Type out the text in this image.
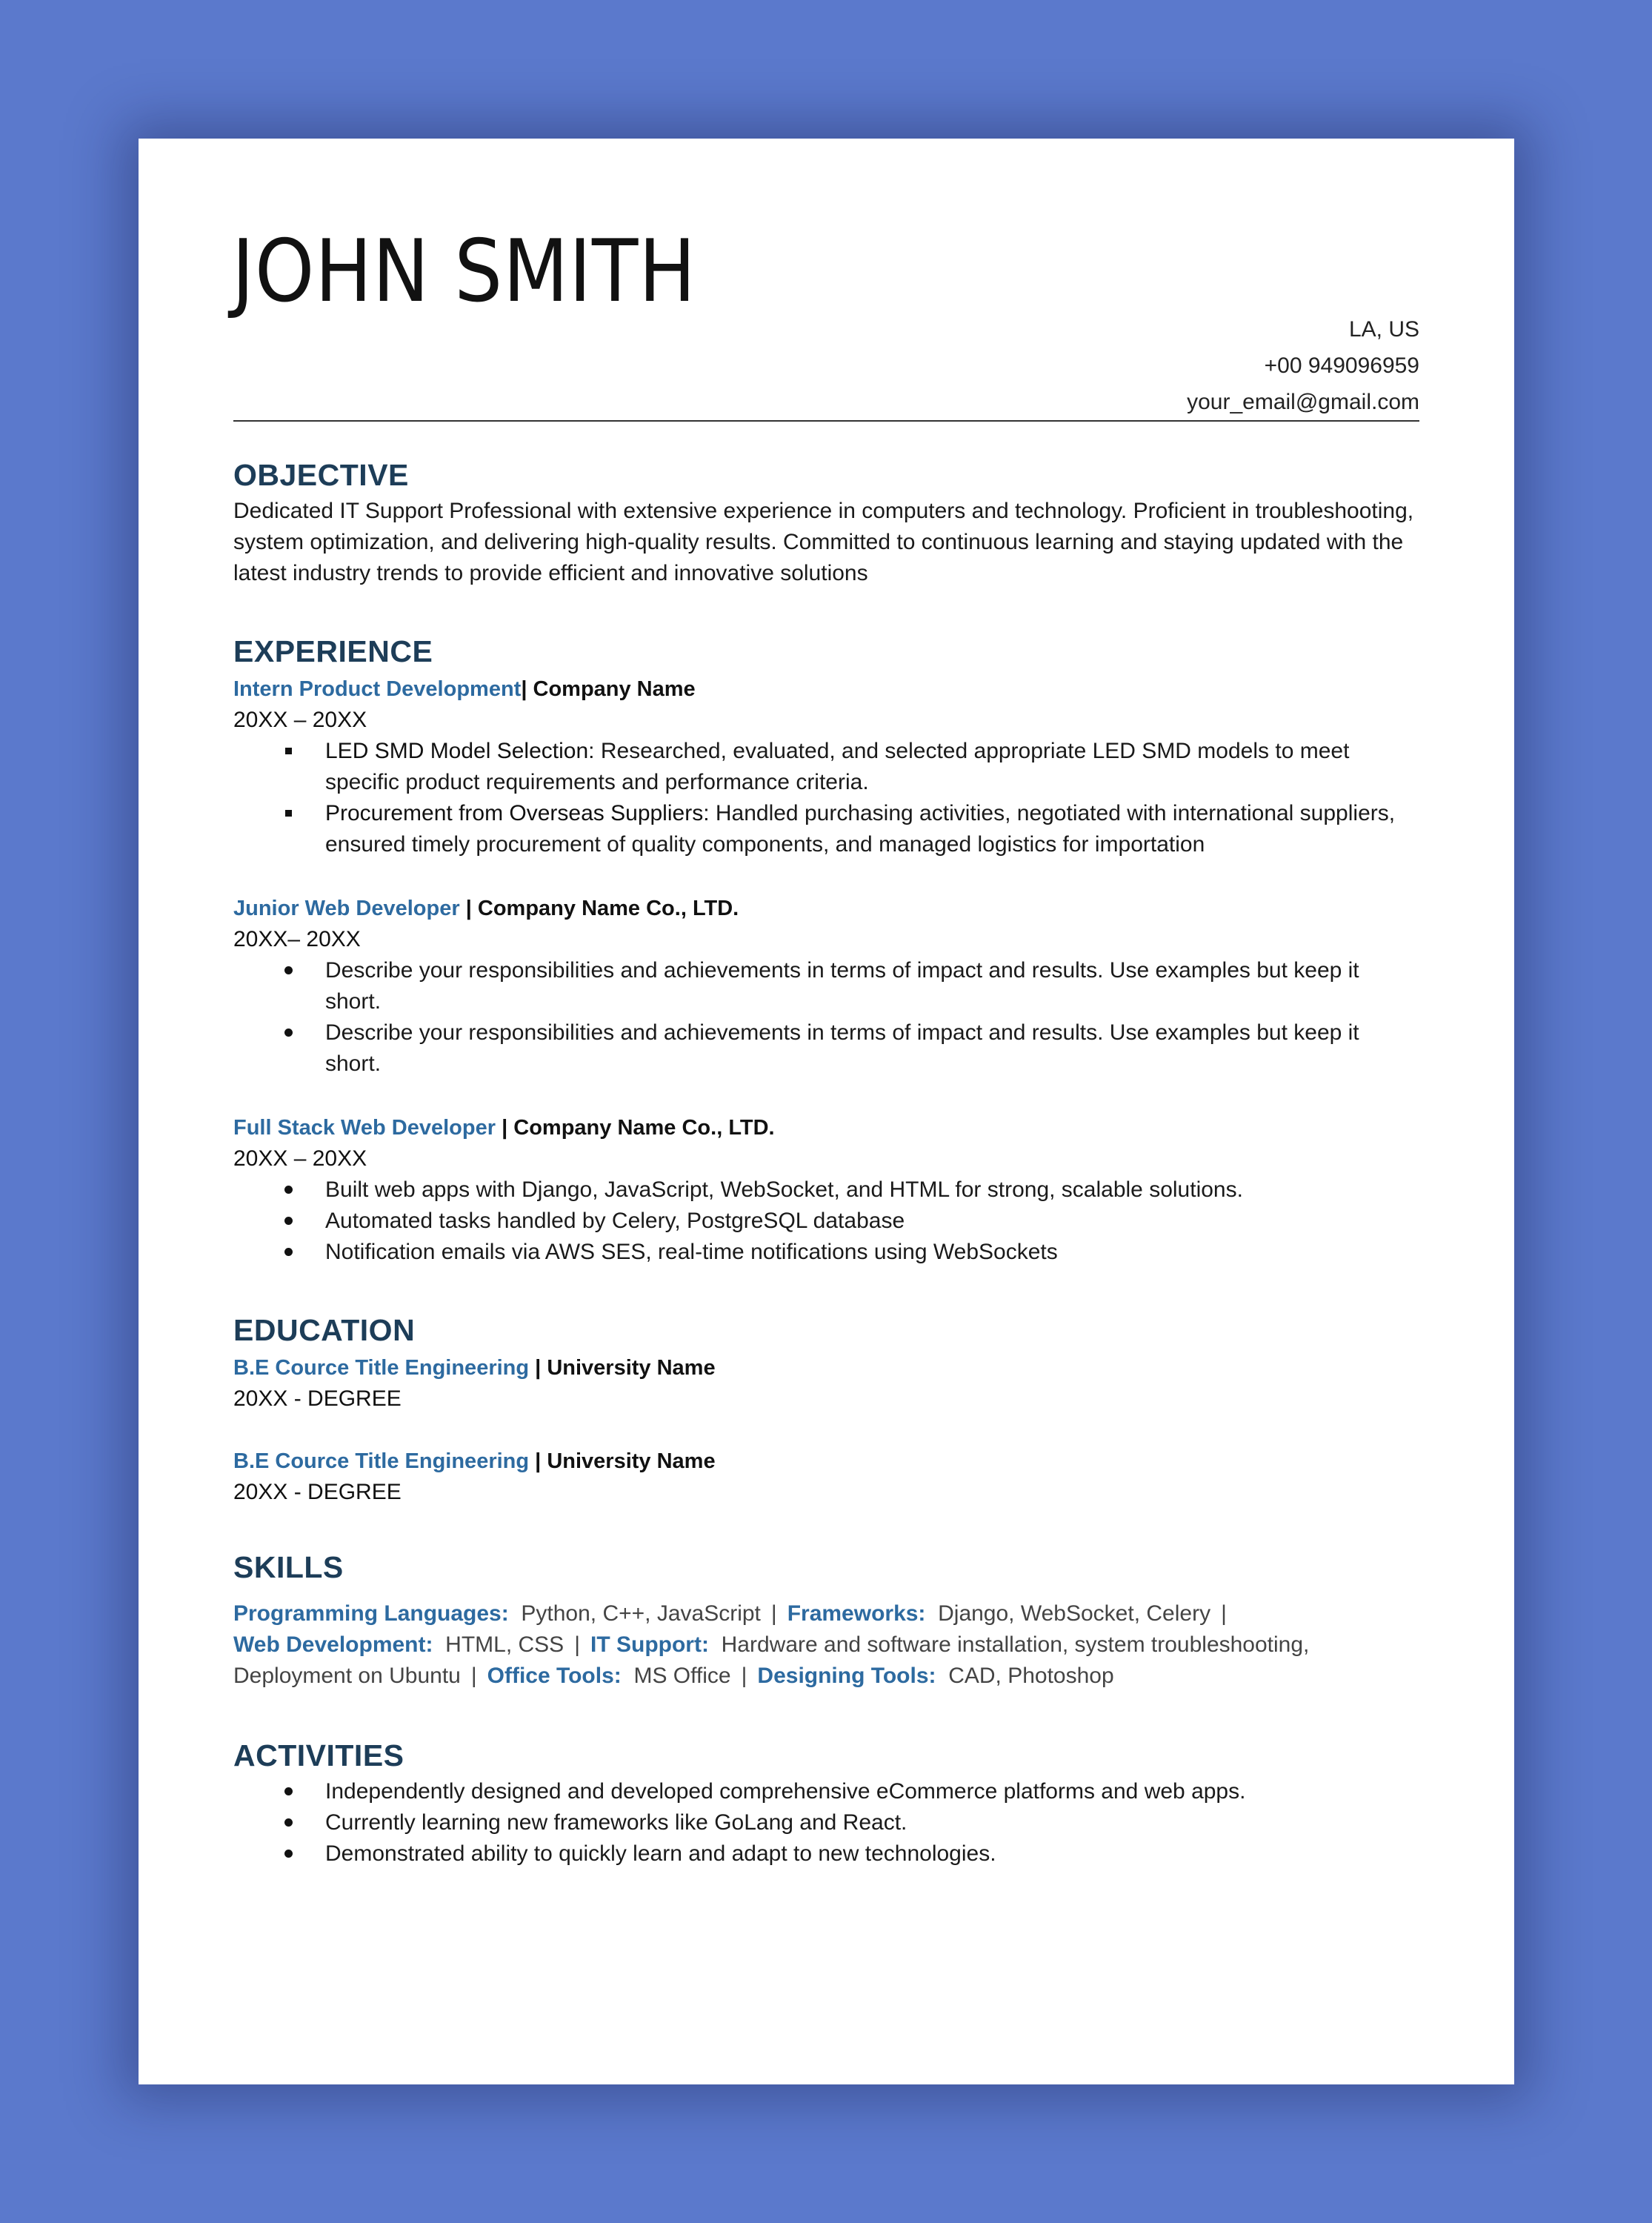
JOHN SMITH
LA, US
+00 949096959
your_email@gmail.com
OBJECTIVE

Dedicated IT Support Professional with extensive experience in computers and technology. Proficient in troubleshooting, system optimization, and delivering high-quality results. Committed to continuous learning and staying updated with the latest industry trends to provide efficient and innovative solutions

EXPERIENCE
Intern Product Development| Company Name
20XX – 20XX
LED SMD Model Selection: Researched, evaluated, and selected appropriate LED SMD models to meet specific product requirements and performance criteria.
Procurement from Overseas Suppliers: Handled purchasing activities, negotiated with international suppliers, ensured timely procurement of quality components, and managed logistics for importation
Junior Web Developer | Company Name Co., LTD.
20XX– 20XX
Describe your responsibilities and achievements in terms of impact and results. Use examples but keep it short.
Describe your responsibilities and achievements in terms of impact and results. Use examples but keep it short.
Full Stack Web Developer | Company Name Co., LTD.
20XX – 20XX
Built web apps with Django, JavaScript, WebSocket, and HTML for strong, scalable solutions.
Automated tasks handled by Celery, PostgreSQL database
Notification emails via AWS SES, real-time notifications using WebSockets
EDUCATION
B.E Cource Title Engineering | University Name
20XX - DEGREE
B.E Cource Title Engineering | University Name
20XX - DEGREE
SKILLS

Programming Languages: Python, C++, JavaScript | Frameworks: Django, WebSocket, Celery |
Web Development: HTML, CSS | IT Support: Hardware and software installation, system troubleshooting, Deployment on Ubuntu | Office Tools: MS Office | Designing Tools: CAD, Photoshop

ACTIVITIES
Independently designed and developed comprehensive eCommerce platforms and web apps.
Currently learning new frameworks like GoLang and React.
Demonstrated ability to quickly learn and adapt to new technologies.
